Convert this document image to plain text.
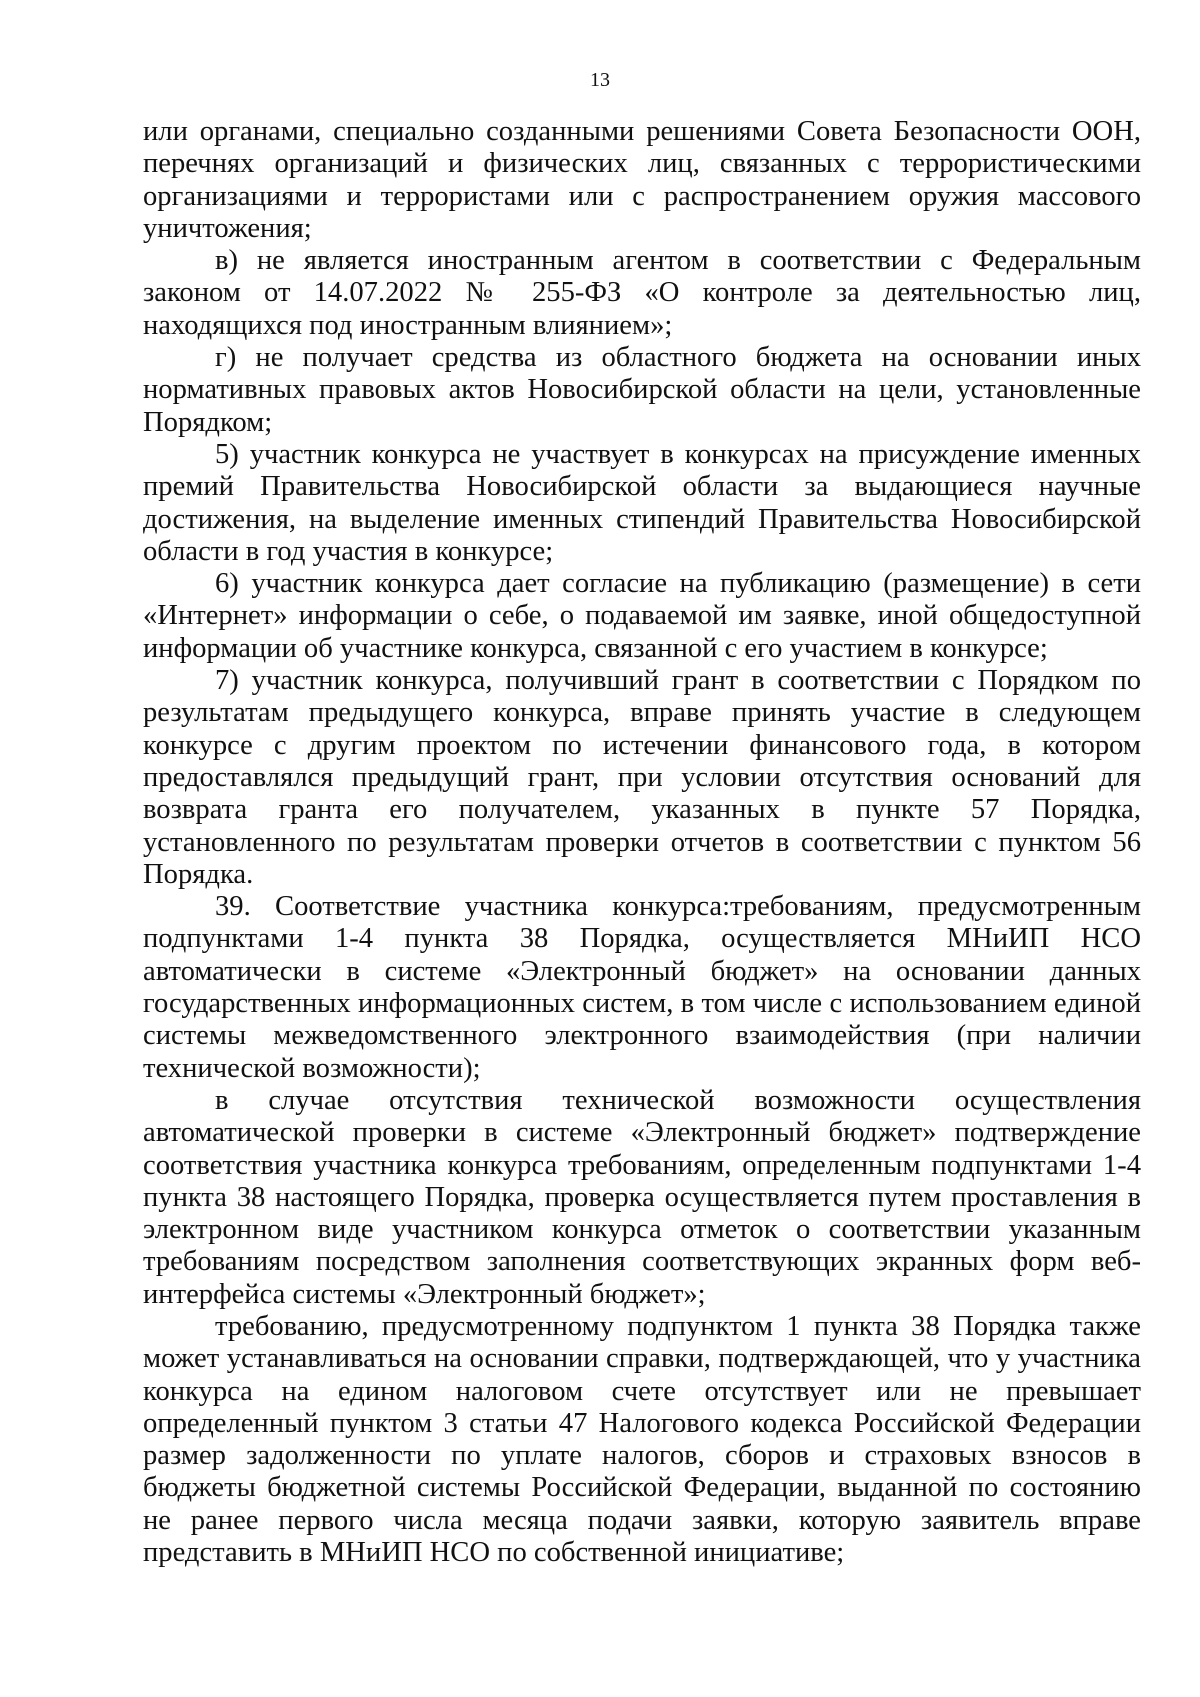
13

или органами, специально созданными решениями Совета Безопасности ООН, перечнях организаций и физических лиц, связанных с террористическими организациями и террористами или с распространением оружия массового уничтожения;

в) не является иностранным агентом в соответствии с Федеральным законом от 14.07.2022 № 255-ФЗ «О контроле за деятельностью лиц, находящихся под иностранным влиянием»;

г) не получает средства из областного бюджета на основании иных нормативных правовых актов Новосибирской области на цели, установленные Порядком;

5) участник конкурса не участвует в конкурсах на присуждение именных премий Правительства Новосибирской области за выдающиеся научные достижения, на выделение именных стипендий Правительства Новосибирской области в год участия в конкурсе;

6) участник конкурса дает согласие на публикацию (размещение) в сети «Интернет» информации о себе, о подаваемой им заявке, иной общедоступной информации об участнике конкурса, связанной с его участием в конкурсе;

7) участник конкурса, получивший грант в соответствии с Порядком по результатам предыдущего конкурса, вправе принять участие в следующем конкурсе с другим проектом по истечении финансового года, в котором предоставлялся предыдущий грант, при условии отсутствия оснований для возврата гранта его получателем, указанных в пункте 57 Порядка, установленного по результатам проверки отчетов в соответствии с пунктом 56 Порядка.

39. Соответствие участника конкурса:требованиям, предусмотренным подпунктами 1-4 пункта 38 Порядка, осуществляется МНиИП НСО автоматически в системе «Электронный бюджет» на основании данных государственных информационных систем, в том числе с использованием единой системы межведомственного электронного взаимодействия (при наличии технической возможности);

в случае отсутствия технической возможности осуществления автоматической проверки в системе «Электронный бюджет» подтверждение соответствия участника конкурса требованиям, определенным подпунктами 1-4 пункта 38 настоящего Порядка, проверка осуществляется путем проставления в электронном виде участником конкурса отметок о соответствии указанным требованиям посредством заполнения соответствующих экранных форм веб-интерфейса системы «Электронный бюджет»;

требованию, предусмотренному подпунктом 1 пункта 38 Порядка также может устанавливаться на основании справки, подтверждающей, что у участника конкурса на едином налоговом счете отсутствует или не превышает определенный пунктом 3 статьи 47 Налогового кодекса Российской Федерации размер задолженности по уплате налогов, сборов и страховых взносов в бюджеты бюджетной системы Российской Федерации, выданной по состоянию не ранее первого числа месяца подачи заявки, которую заявитель вправе представить в МНиИП НСО по собственной инициативе;
